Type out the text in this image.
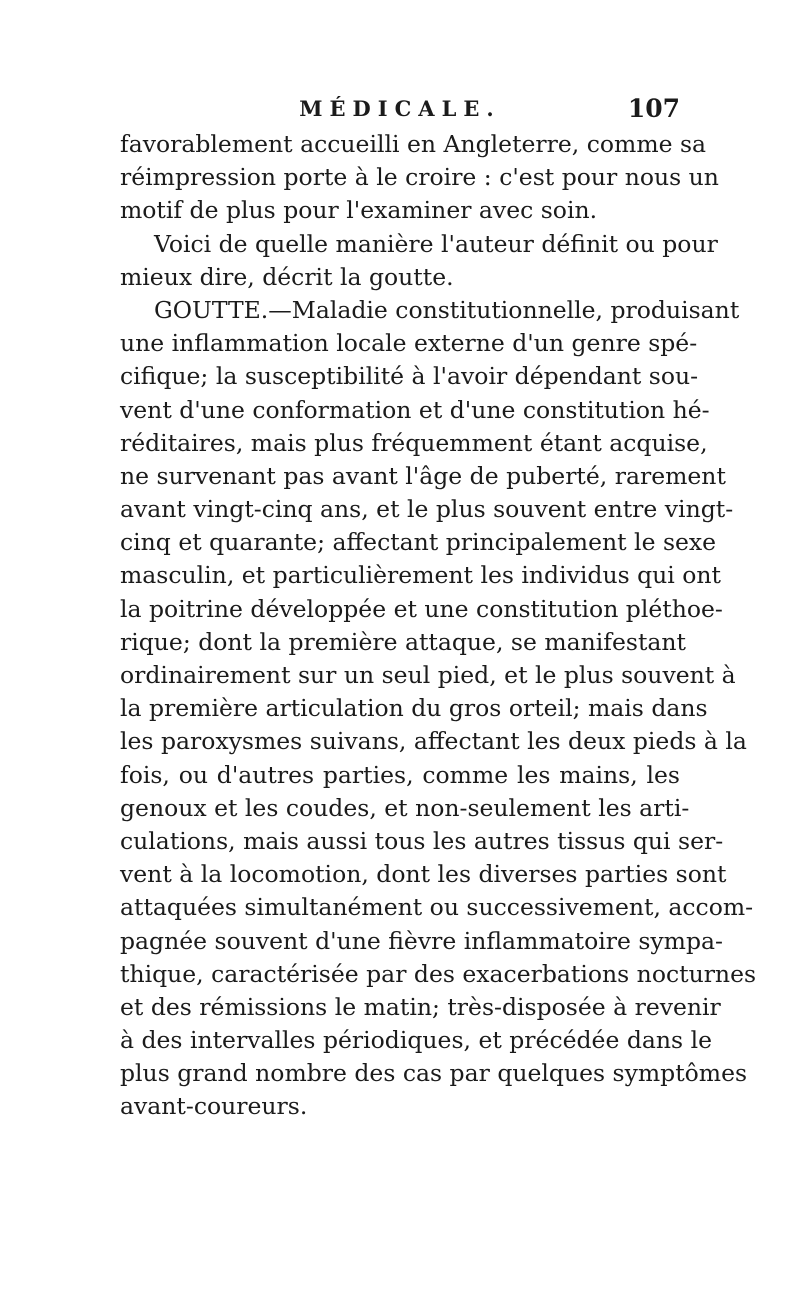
MÉDICALE.	107
favorablement accueilli en Angleterre, comme sa
réimpression porte à le croire : c'est pour nous un
motif de plus pour l'examiner avec soin.
Voici de quelle manière l'auteur définit ou pour
mieux dire, décrit la goutte.
GOUTTE.—Maladie constitutionnelle, produisant
une inflammation locale externe d'un genre spé-
cifique; la susceptibilité à l'avoir dépendant sou-
vent d'une conformation et d'une constitution hé-
réditaires, mais plus fréquemment étant acquise,
ne survenant pas avant l'âge de puberté, rarement
avant vingt-cinq ans, et le plus souvent entre vingt-
cinq et quarante; affectant principalement le sexe
masculin, et particulièrement les individus qui ont
la poitrine développée et une constitution pléthoe-
rique; dont la première attaque, se manifestant
ordinairement sur un seul pied, et le plus souvent à
la première articulation du gros orteil; mais dans
les paroxysmes suivans, affectant les deux pieds à la
fois, ou d'autres parties, comme les mains, les
genoux et les coudes, et non-seulement les arti-
culations, mais aussi tous les autres tissus qui ser-
vent à la locomotion, dont les diverses parties sont
attaquées simultanément ou successivement, accom-
pagnée souvent d'une fièvre inflammatoire sympa-
thique, caractérisée par des exacerbations nocturnes
et des rémissions le matin; très-disposée à revenir
à des intervalles périodiques, et précédée dans le
plus grand nombre des cas par quelques symptômes
avant-coureurs.
